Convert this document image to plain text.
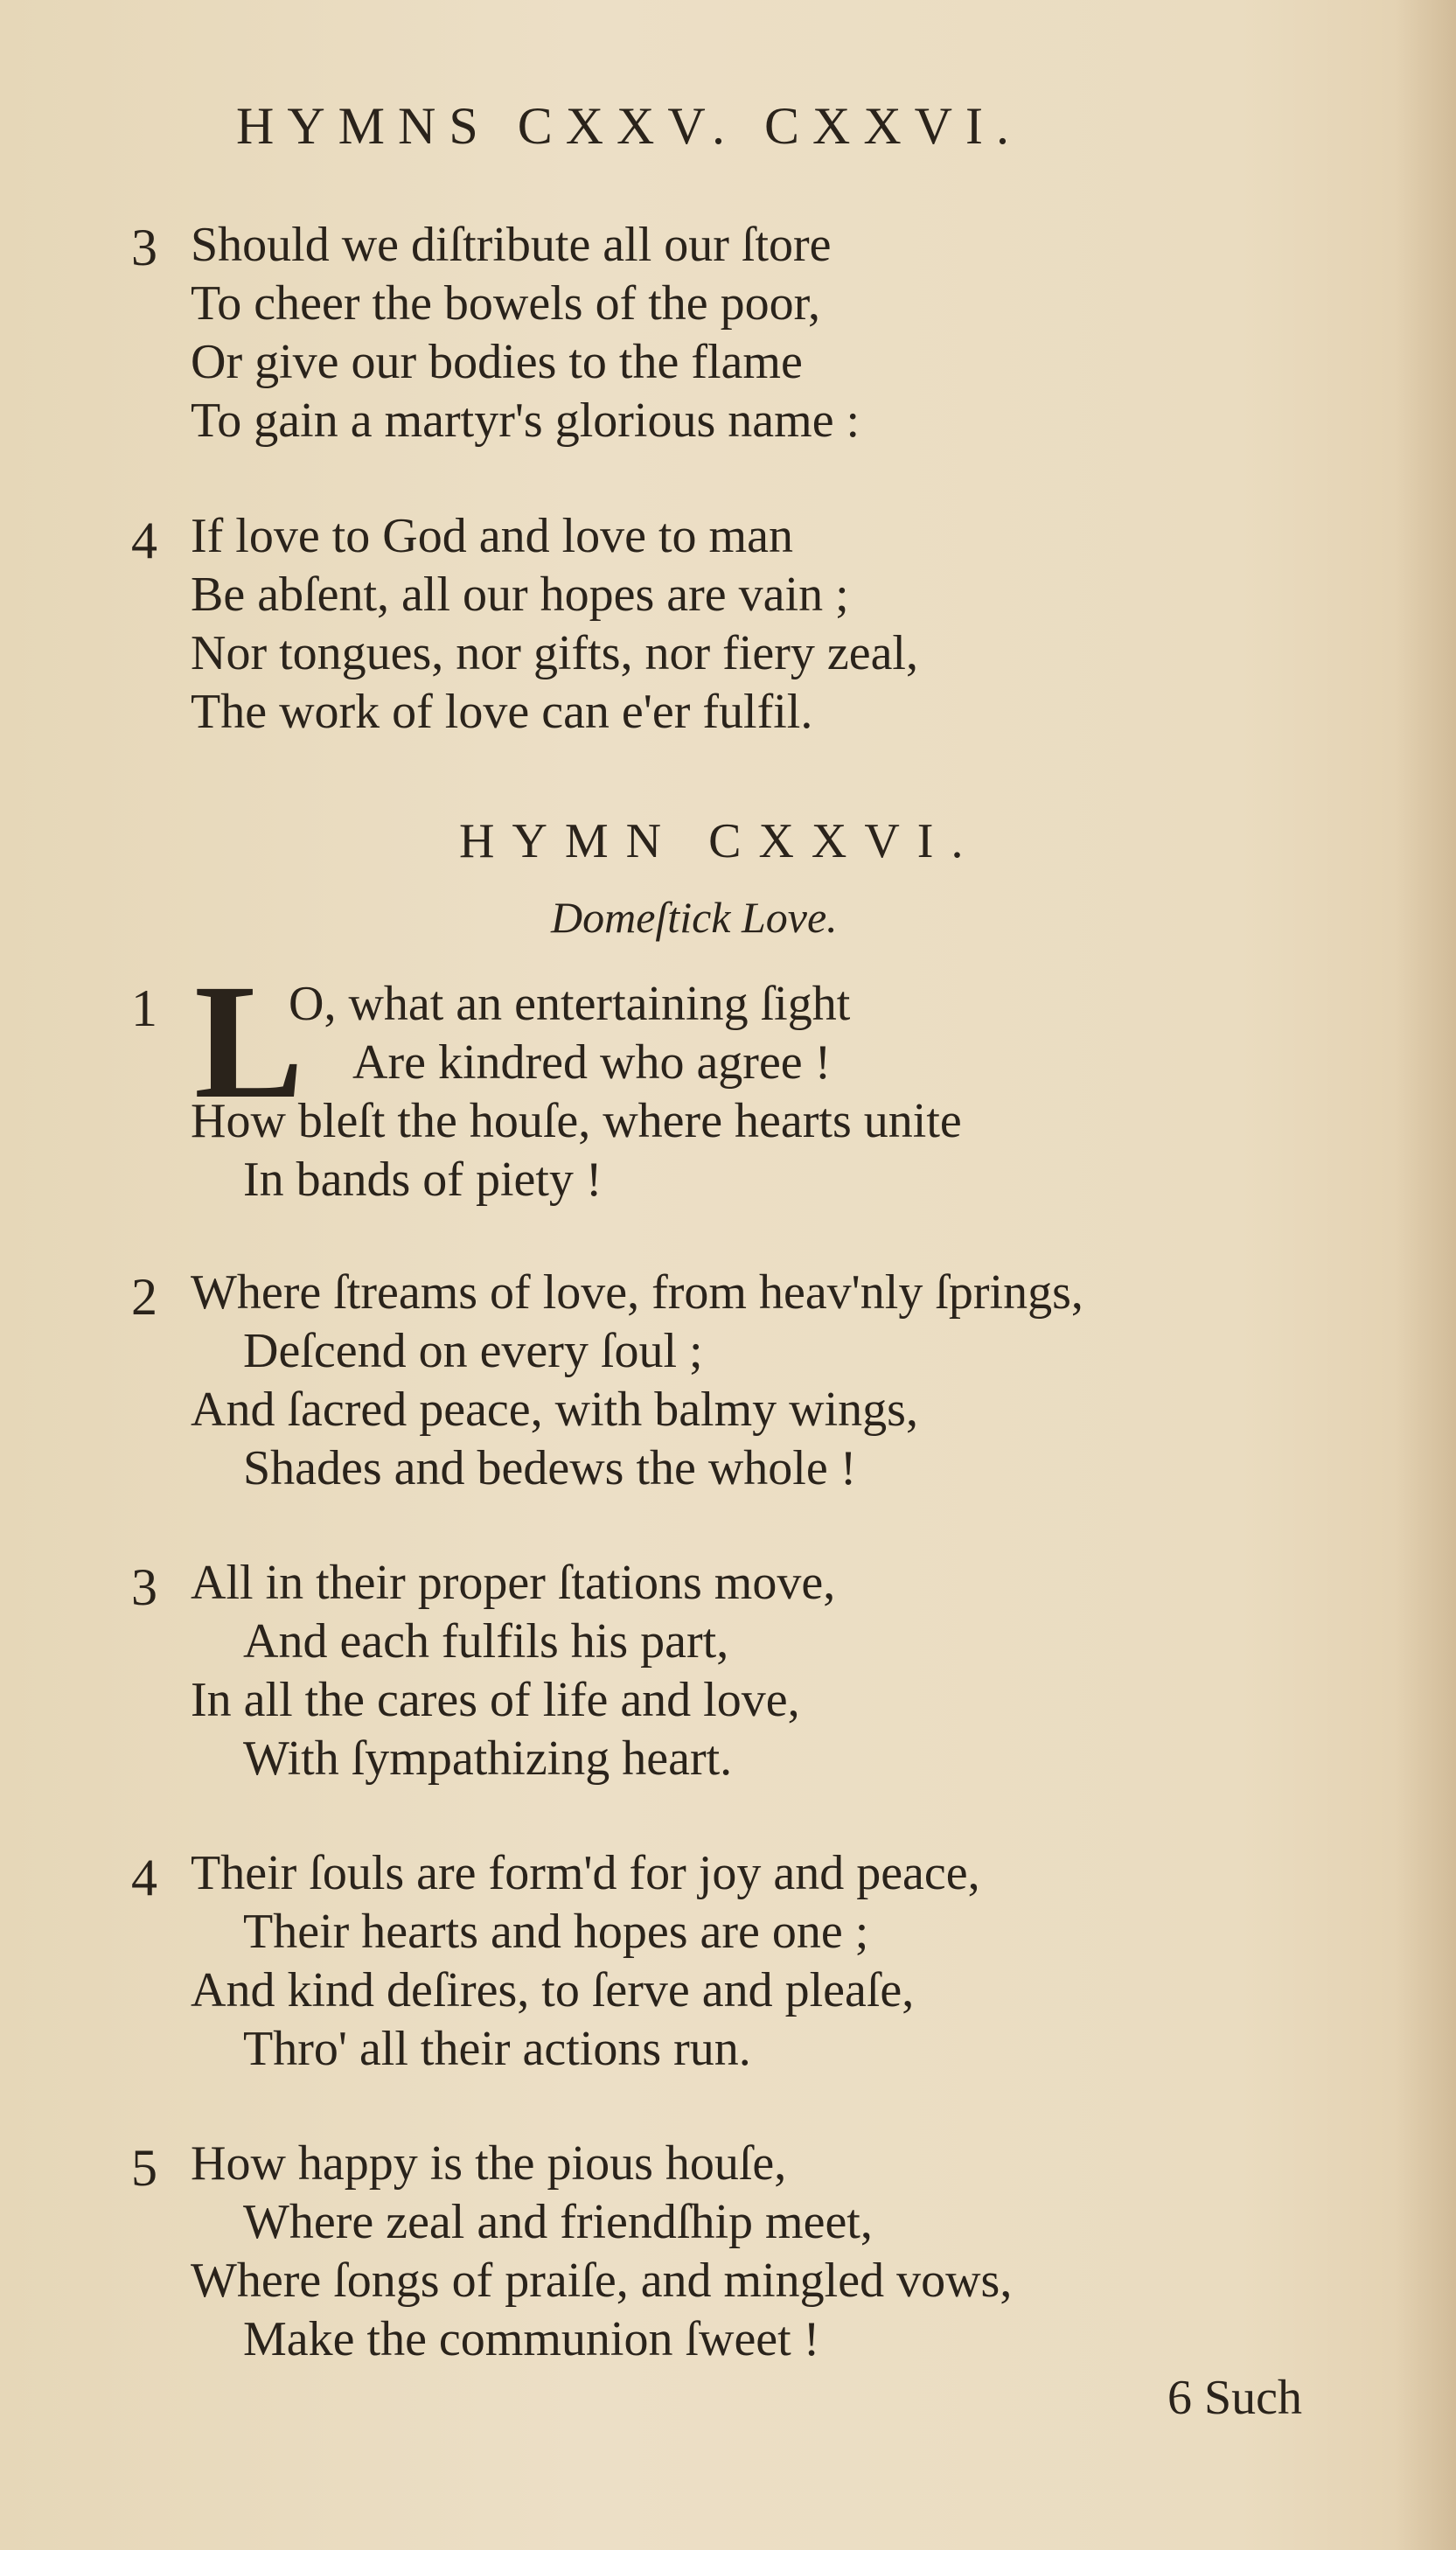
HYMNS CXXV. CXXVI.
3 Should we diſtribute all our ſtore
To cheer the bowels of the poor,
Or give our bodies to the flame
To gain a martyr's glorious name :
4 If love to God and love to man
Be abſent, all our hopes are vain ;
Nor tongues, nor gifts, nor fiery zeal,
The work of love can e'er fulfil.
HYMN CXXVI.
Domeſtick Love.
1 L
O, what an entertaining ſight
Are kindred who agree !
How bleſt the houſe, where hearts unite
In bands of piety !
2 Where ſtreams of love, from heav'nly ſprings,
Deſcend on every ſoul ;
And ſacred peace, with balmy wings,
Shades and bedews the whole !
3 All in their proper ſtations move,
And each fulfils his part,
In all the cares of life and love,
With ſympathizing heart.
4 Their ſouls are form'd for joy and peace,
Their hearts and hopes are one ;
And kind deſires, to ſerve and pleaſe,
Thro' all their actions run.
5 How happy is the pious houſe,
Where zeal and friendſhip meet,
Where ſongs of praiſe, and mingled vows,
Make the communion ſweet !
6 Such
